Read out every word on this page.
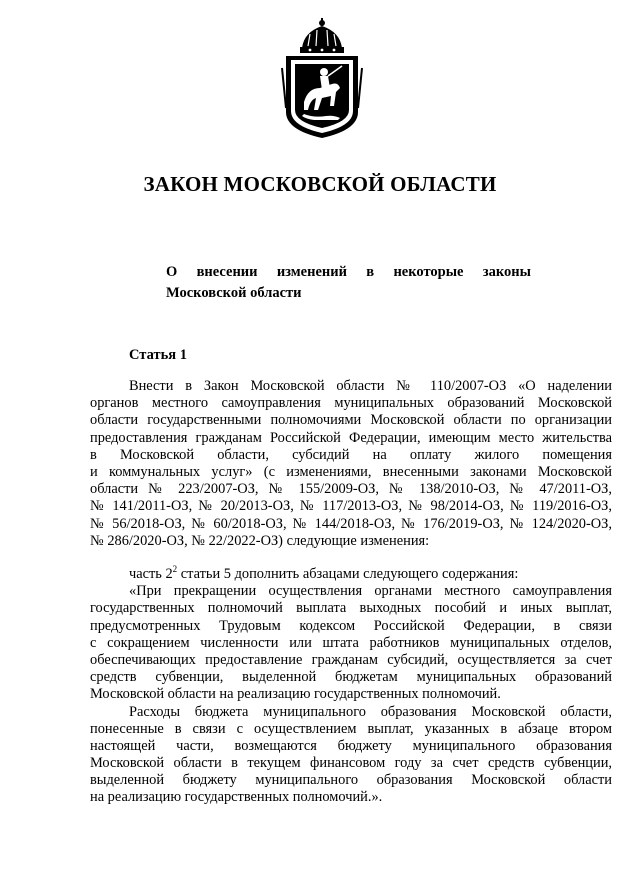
ЗАКОН МОСКОВСКОЙ ОБЛАСТИ
О внесении изменений в некоторые законы
Московской области
Статья 1
Внести в Закон Московской области № 110/2007-ОЗ «О наделении
органов местного самоуправления муниципальных образований Московской
области государственными полномочиями Московской области по организации
предоставления гражданам Российской Федерации, имеющим место жительства
в Московской области, субсидий на оплату жилого помещения
и коммунальных услуг» (с изменениями, внесенными законами Московской
области № 223/2007-ОЗ, № 155/2009-ОЗ, № 138/2010-ОЗ, № 47/2011-ОЗ,
№ 141/2011-ОЗ, № 20/2013-ОЗ, № 117/2013-ОЗ, № 98/2014-ОЗ, № 119/2016-ОЗ,
№ 56/2018-ОЗ, № 60/2018-ОЗ, № 144/2018-ОЗ, № 176/2019-ОЗ, № 124/2020-ОЗ,
№ 286/2020-ОЗ, № 22/2022-ОЗ) следующие изменения:
часть $2^2$ статьи 5 дополнить абзацами следующего содержания:
«При прекращении осуществления органами местного самоуправления
государственных полномочий выплата выходных пособий и иных выплат,
предусмотренных Трудовым кодексом Российской Федерации, в связи
с сокращением численности или штата работников муниципальных отделов,
обеспечивающих предоставление гражданам субсидий, осуществляется за счет
средств субвенции, выделенной бюджетам муниципальных образований
Московской области на реализацию государственных полномочий.
Расходы бюджета муниципального образования Московской области,
понесенные в связи с осуществлением выплат, указанных в абзаце втором
настоящей части, возмещаются бюджету муниципального образования
Московской области в текущем финансовом году за счет средств субвенции,
выделенной бюджету муниципального образования Московской области
на реализацию государственных полномочий.».
